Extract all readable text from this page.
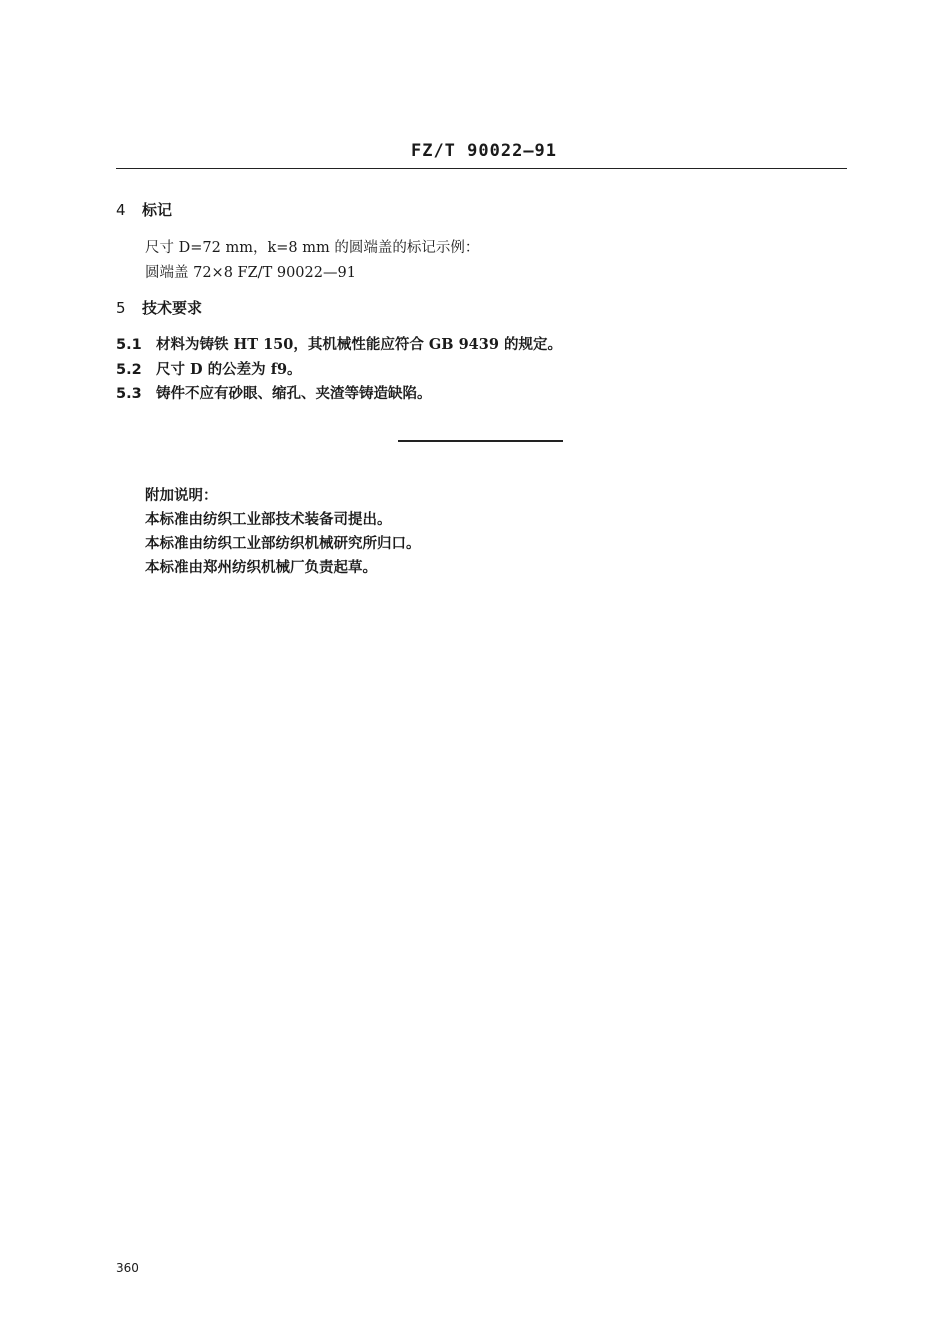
FZ/T 90022—91
4 标记
尺寸 D=72 mm，k=8 mm 的圆端盖的标记示例：
圆端盖 72×8 FZ/T 90022—91
5 技术要求
5.1 材料为铸铁 HT 150，其机械性能应符合 GB 9439 的规定。
5.2 尺寸 D 的公差为 f9。
5.3 铸件不应有砂眼、缩孔、夹渣等铸造缺陷。
附加说明：
本标准由纺织工业部技术装备司提出。
本标准由纺织工业部纺织机械研究所归口。
本标准由郑州纺织机械厂负责起草。
360
